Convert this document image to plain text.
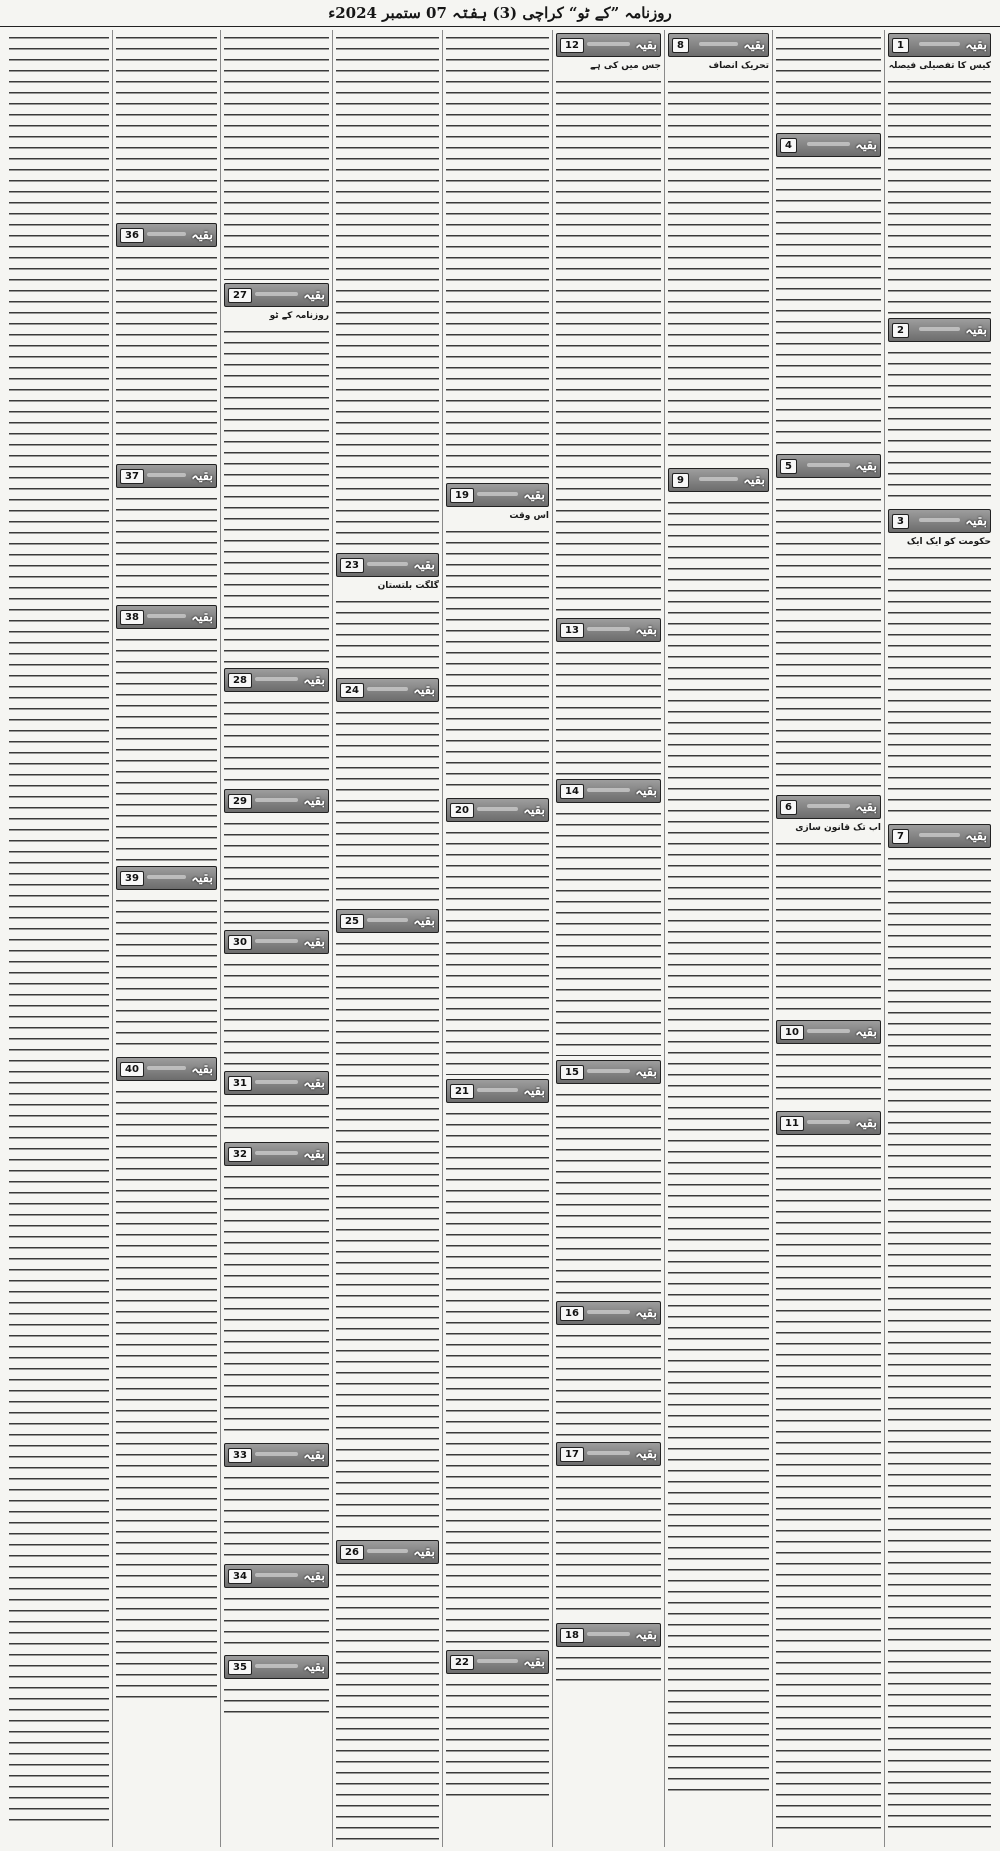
روزنامہ ”کے ٹو“ کراچی (3) ہفتہ 07 ستمبر 2024ء
1	بقیہ
کیس کا تفصیلی فیصلہ
2	بقیہ
3	بقیہ
حکومت کو ایک ایک
7	بقیہ
4	بقیہ
5	بقیہ
6	بقیہ
اب تک قانون سازی
10	بقیہ
11	بقیہ
8	بقیہ
تحریک انصاف
9	بقیہ
12	بقیہ
جس میں کی ہے
13	بقیہ
14	بقیہ
15	بقیہ
16	بقیہ
17	بقیہ
18	بقیہ
19	بقیہ
اس وقت
20	بقیہ
21	بقیہ
22	بقیہ
23	بقیہ
گلگت بلتستان
24	بقیہ
25	بقیہ
26	بقیہ
27	بقیہ
روزنامہ کے ٹو
28	بقیہ
29	بقیہ
30	بقیہ
31	بقیہ
32	بقیہ
33	بقیہ
34	بقیہ
35	بقیہ
36	بقیہ
37	بقیہ
38	بقیہ
39	بقیہ
40	بقیہ
